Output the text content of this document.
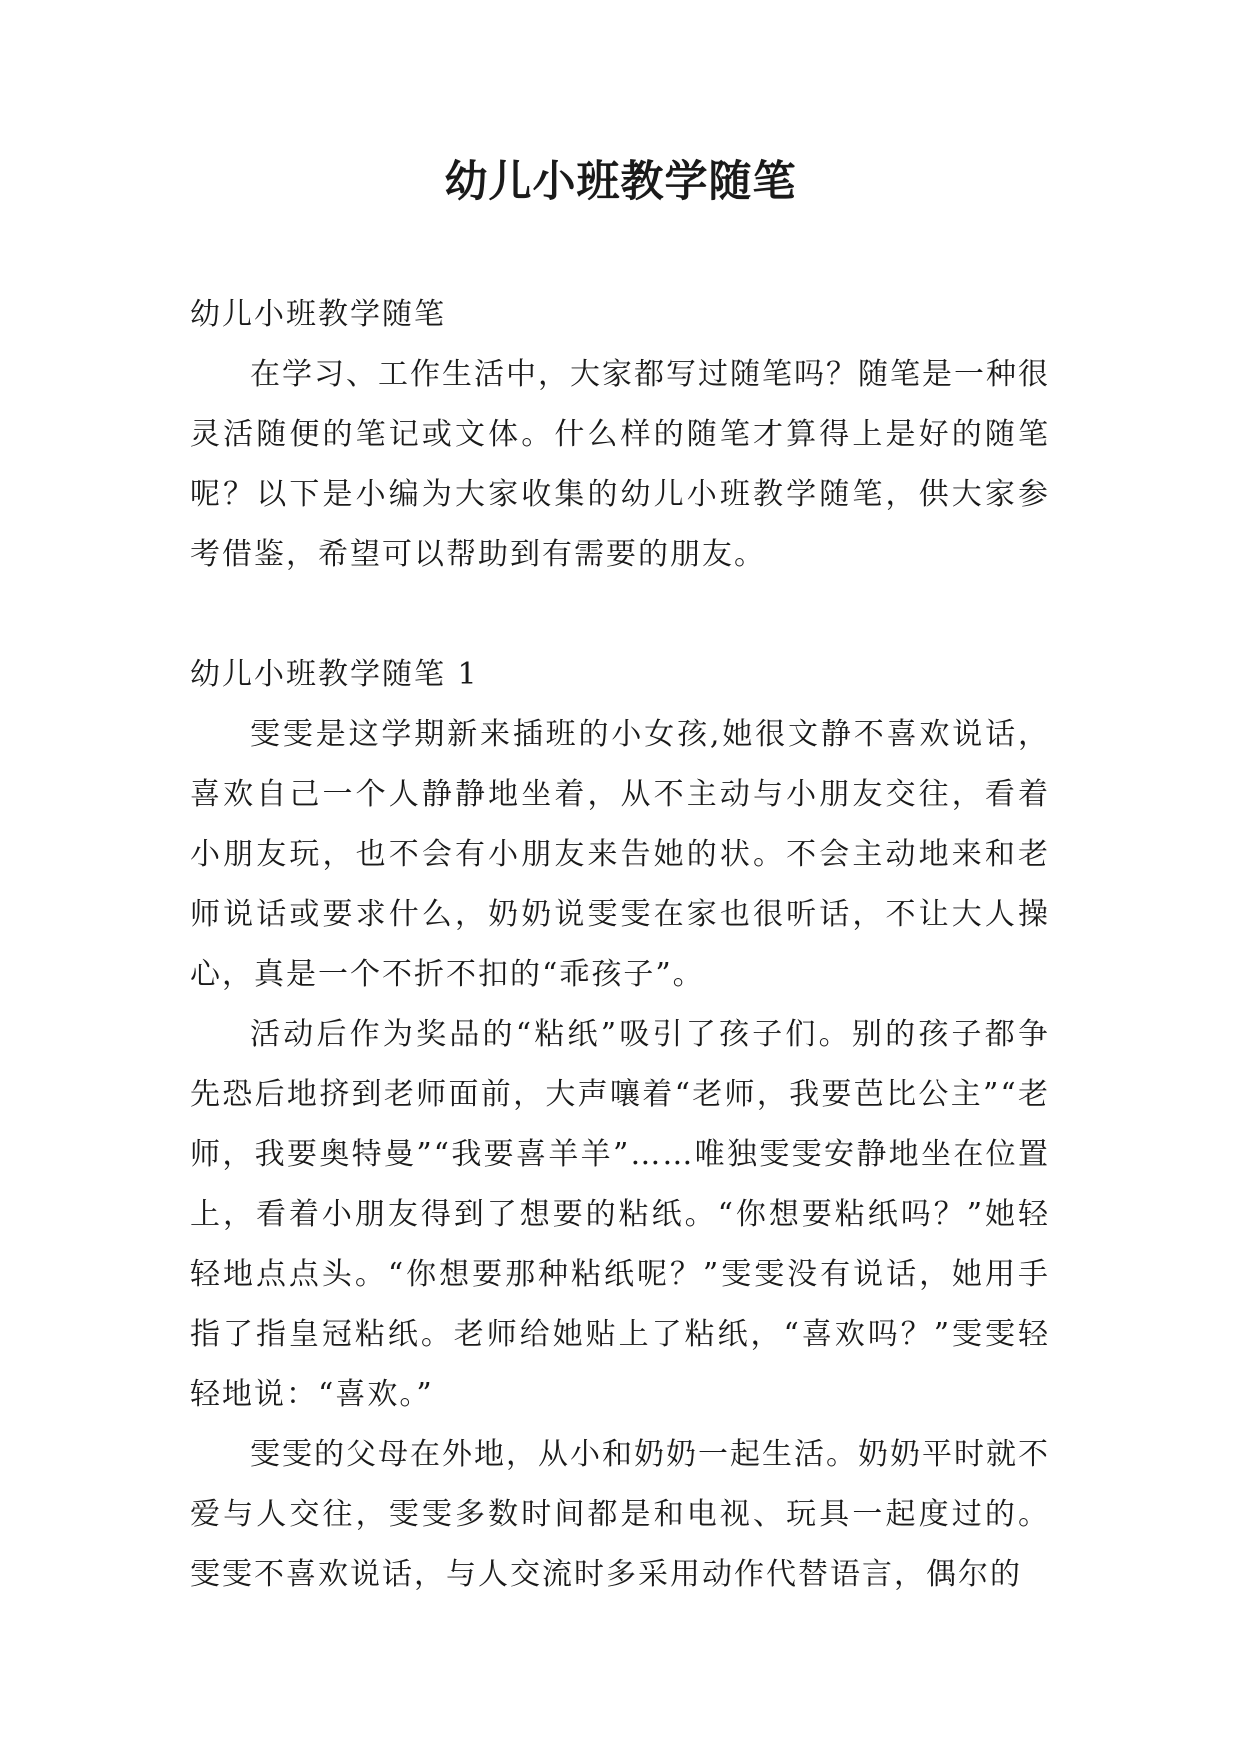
幼儿小班教学随笔

幼儿小班教学随笔

在学习、工作生活中，大家都写过随笔吗？随笔是一种很灵活随便的笔记或文体。什么样的随笔才算得上是好的随笔呢？以下是小编为大家收集的幼儿小班教学随笔，供大家参考借鉴，希望可以帮助到有需要的朋友。

幼儿小班教学随笔 1

雯雯是这学期新来插班的小女孩,她很文静不喜欢说话，喜欢自己一个人静静地坐着，从不主动与小朋友交往，看着小朋友玩，也不会有小朋友来告她的状。不会主动地来和老师说话或要求什么，奶奶说雯雯在家也很听话，不让大人操心，真是一个不折不扣的“乖孩子”。

活动后作为奖品的“粘纸”吸引了孩子们。别的孩子都争先恐后地挤到老师面前，大声嚷着“老师，我要芭比公主”“老师，我要奥特曼”“我要喜羊羊”……唯独雯雯安静地坐在位置上，看着小朋友得到了想要的粘纸。“你想要粘纸吗？”她轻轻地点点头。“你想要那种粘纸呢？”雯雯没有说话，她用手指了指皇冠粘纸。老师给她贴上了粘纸，“喜欢吗？”雯雯轻轻地说：“喜欢。”

雯雯的父母在外地，从小和奶奶一起生活。奶奶平时就不爱与人交往，雯雯多数时间都是和电视、玩具一起度过的。雯雯不喜欢说话，与人交流时多采用动作代替语言，偶尔的
